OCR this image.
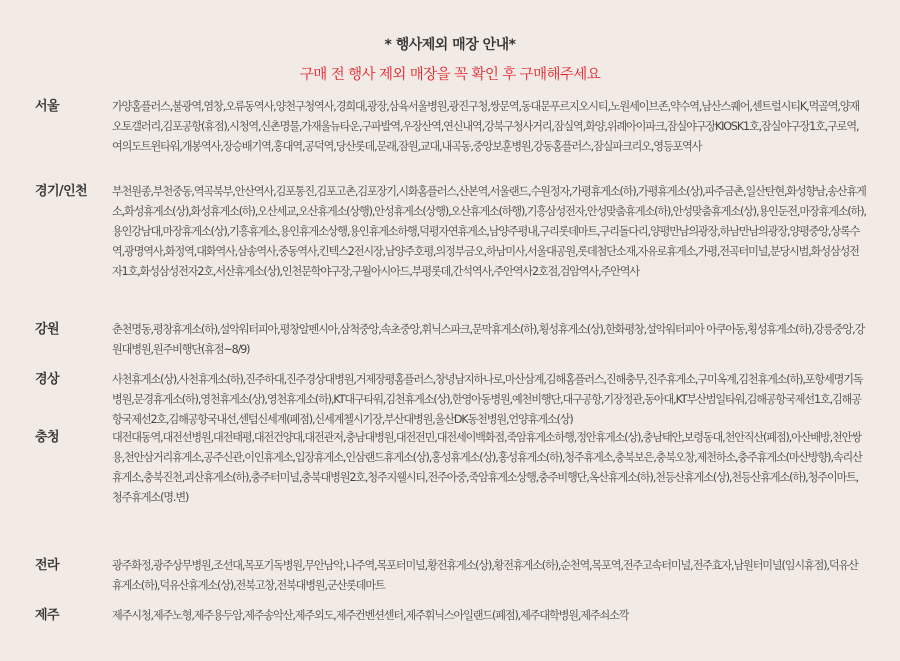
* 행사제외 매장 안내*
구매 전 행사 제외 매장을 꼭 확인 후 구매해주세요
서울	가양홈플러스,불광역,염창,오류동역사,양천구청역사,경희대,광장,삼육서울병원,광진구청,쌍문역,동대문푸르지오시티,노원세이브존,약수역,남산스퀘어,센트럴시티K,먹골역,양재오토갤러리,김포공항(휴점),시청역,신촌명물,가재울뉴타운,구파발역,우장산역,연신내역,강북구청사거리,잠실역,화양,위례아이파크,잠실야구장KIOSK1호,잠실야구장1호,구로역,여의도트윈타워,개봉역사,장승배기역,홍대역,공덕역,당산롯데,문래,잠원,교대,내곡동,중앙보훈병원,강동홈플러스,잠실파크리오,영등포역사
경기/인천	부천원종,부천중동,역곡북부,안산역사,김포통진,김포고촌,김포장기,시화홈플러스,산본역,서울랜드,수원정자,가평휴게소(하),가평휴게소(상),파주금촌,일산탄현,화성향남,송산휴게소,화성휴게소(상),화성휴게소(하),오산세교,오산휴게소(상행),안성휴게소(상행),오산휴게소(하행),기흥삼성전자,안성맞춤휴게소(하),안성맞춤휴게소(상),용인둔전,마장휴게소(하),용인강남대,마장휴게소(상),기흥휴게소,용인휴게소상행,용인휴게소하행,덕평자연휴게소,남양주평내,구리롯데마트,구리돌다리,양평만남의광장,하남만남의광장,양평중앙,상록수역,광명역사,화정역,대화역사,삼송역사,중동역사,킨텍스2전시장,남양주호평,의정부금오,하남미사,서울대공원,롯데첨단소재,자유로휴게소,가평,전곡터미널,분당시범,화성삼성전자1호,화성삼성전자2호,서산휴게소(상),인천문학야구장,구월아시아드,부평롯데,간석역사,주안역사2호점,검암역사,주안역사
강원	춘천명동,평창휴게소(하),설악워터피아,평창알펜시아,삼척중앙,속초중앙,휘닉스파크,문막휴게소(하),횡성휴게소(상),한화평창,설악워터피아 아쿠아동,횡성휴게소(하),강릉중앙,강원대병원,원주비행단(휴점~8/9)
경상	사천휴게소(상),사천휴게소(하),진주하대,진주경상대병원,거제장평홈플러스,창녕남지하나로,마산삼계,김해홈플러스,진해충무,진주휴게소,구미옥계,김천휴게소(하),포항세명기독병원,문경휴게소(하),영천휴게소(상),영천휴게소(하),KT대구타워,김천휴게소(상),한영아동병원,예천비행단,대구공항,기장정관,동아대,KT부산범일타워,김해공항국제선1호,김해공항국제선2호,김해공항국내선,센텀신세계(폐점),신세계첼시기장,부산대병원,울산DK동천병원,언양휴게소(상)
충청	대전대동역,대전선병원,대전태평,대전건양대,대전관저,충남대병원,대전전민,대전세이백화점,죽암휴게소하행,정안휴게소(상),충남태안,보령동대,천안직산(폐점),아산배방,천안쌍용,천안삼거리휴게소,공주신관,이인휴게소,입장휴게소,인삼랜드휴게소(상),홍성휴게소(상),홍성휴게소(하),청주휴게소,충북보은,충북오창,제천하소,충주휴게소(마산방향),속리산휴게소,충북진천,괴산휴게소(하),충주터미널,충북대병원2호,청주지웰시티,전주아중,죽암휴게소상행,충주비행단,옥산휴게소(하),천등산휴게소(상),천등산휴게소(하),청주이마트,청주휴게소(명.변)
전라	광주화정,광주상무병원,조선대,목포기독병원,무안남악,나주역,목포터미널,황전휴게소(상),황전휴게소(하),순천역,목포역,전주고속터미널,전주효자,남원터미널(임시휴점),덕유산휴게소(하),덕유산휴게소(상),전북고창,전북대병원,군산롯데마트
제주	제주시청,제주노형,제주용두암,제주송악산,제주외도,제주컨벤션센터,제주휘닉스아일랜드(폐점),제주대학병원,제주쇠소깍
